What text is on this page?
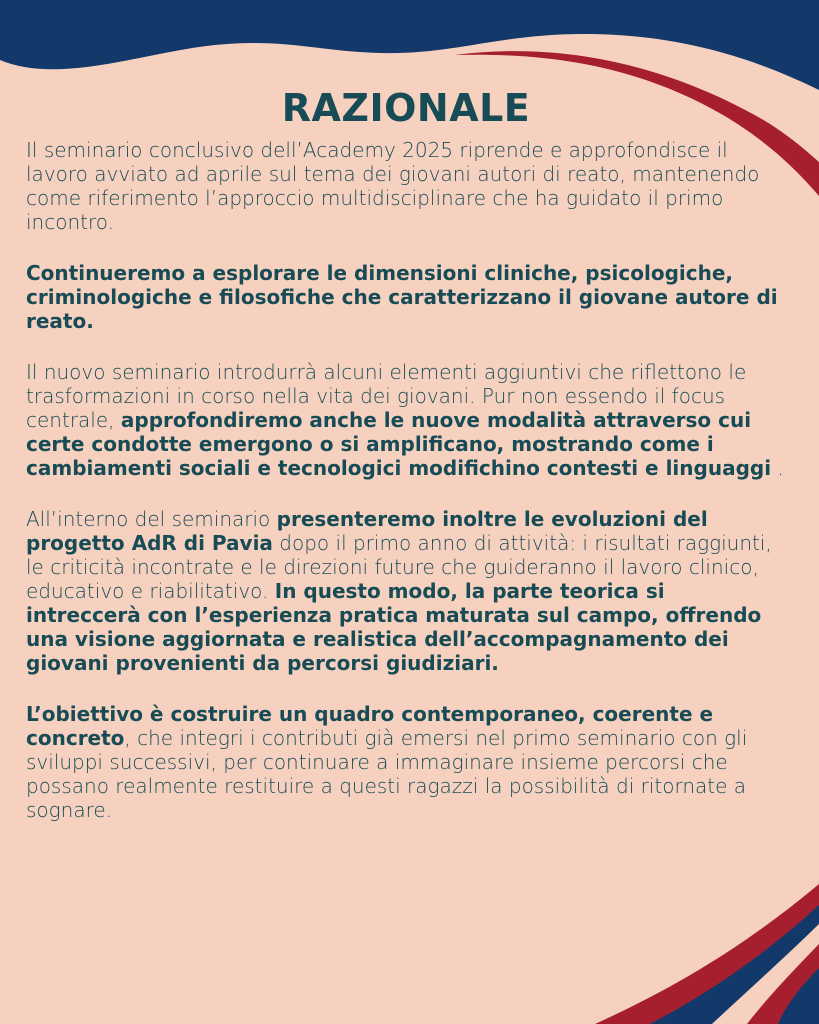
RAZIONALE

Il seminario conclusivo dell’Academy 2025 riprende e approfondisce il lavoro avviato ad aprile sul tema dei giovani autori di reato, mantenendo come riferimento l’approccio multidisciplinare che ha guidato il primo incontro.

Continueremo a esplorare le dimensioni cliniche, psicologiche, criminologiche e filosofiche che caratterizzano il giovane autore di reato.

Il nuovo seminario introdurrà alcuni elementi aggiuntivi che riflettono le trasformazioni in corso nella vita dei giovani. Pur non essendo il focus centrale, approfondiremo anche le nuove modalità attraverso cui certe condotte emergono o si amplificano, mostrando come i cambiamenti sociali e tecnologici modifichino contesti e linguaggi .

All’interno del seminario presenteremo inoltre le evoluzioni del progetto AdR di Pavia dopo il primo anno di attività: i risultati raggiunti, le criticità incontrate e le direzioni future che guideranno il lavoro clinico, educativo e riabilitativo. In questo modo, la parte teorica si intreccerà con l’esperienza pratica maturata sul campo, offrendo una visione aggiornata e realistica dell’accompagnamento dei giovani provenienti da percorsi giudiziari.

L’obiettivo è costruire un quadro contemporaneo, coerente e concreto, che integri i contributi già emersi nel primo seminario con gli sviluppi successivi, per continuare a immaginare insieme percorsi che possano realmente restituire a questi ragazzi la possibilità di ritornate a sognare.
